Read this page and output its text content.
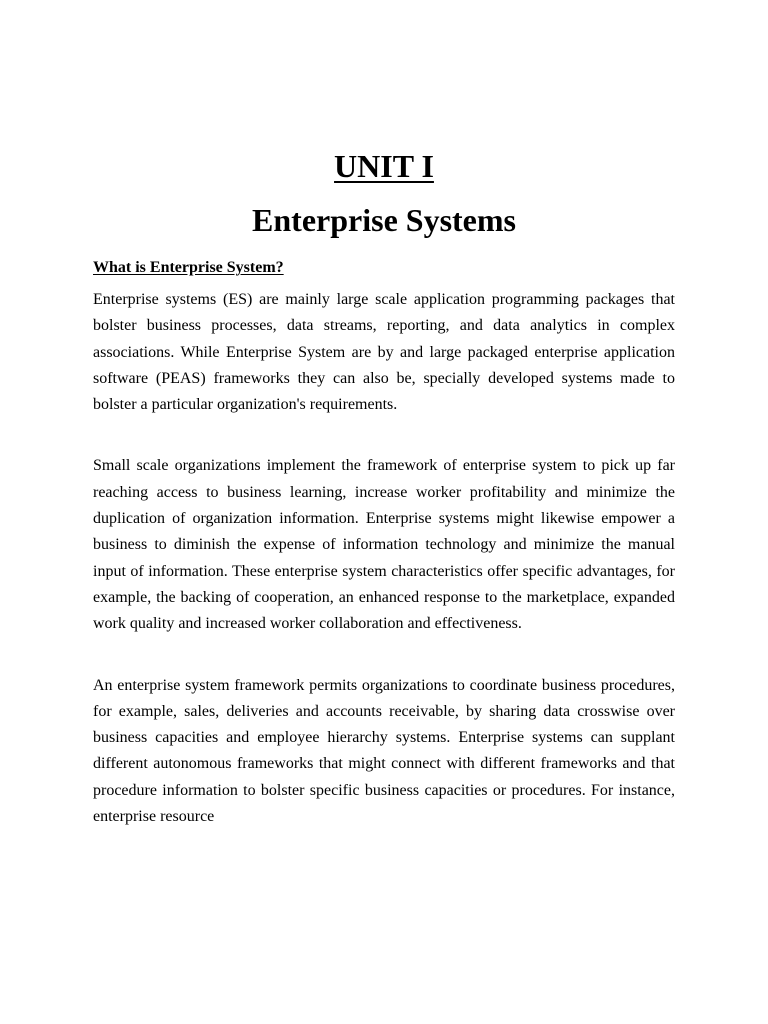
UNIT I
Enterprise Systems
What is Enterprise System?

Enterprise systems (ES) are mainly large scale application programming packages that bolster business processes, data streams, reporting, and data analytics in complex associations. While Enterprise System are by and large packaged enterprise application software (PEAS) frameworks they can also be, specially developed systems made to bolster a particular organization's requirements.

Small scale organizations implement the framework of enterprise system to pick up far reaching access to business learning, increase worker profitability and minimize the duplication of organization information. Enterprise systems might likewise empower a business to diminish the expense of information technology and minimize the manual input of information. These enterprise system characteristics offer specific advantages, for example, the backing of cooperation, an enhanced response to the marketplace, expanded work quality and increased worker collaboration and effectiveness.

An enterprise system framework permits organizations to coordinate business procedures, for example, sales, deliveries and accounts receivable, by sharing data crosswise over business capacities and employee hierarchy systems. Enterprise systems can supplant different autonomous frameworks that might connect with different frameworks and that procedure information to bolster specific business capacities or procedures. For instance, enterprise resource
